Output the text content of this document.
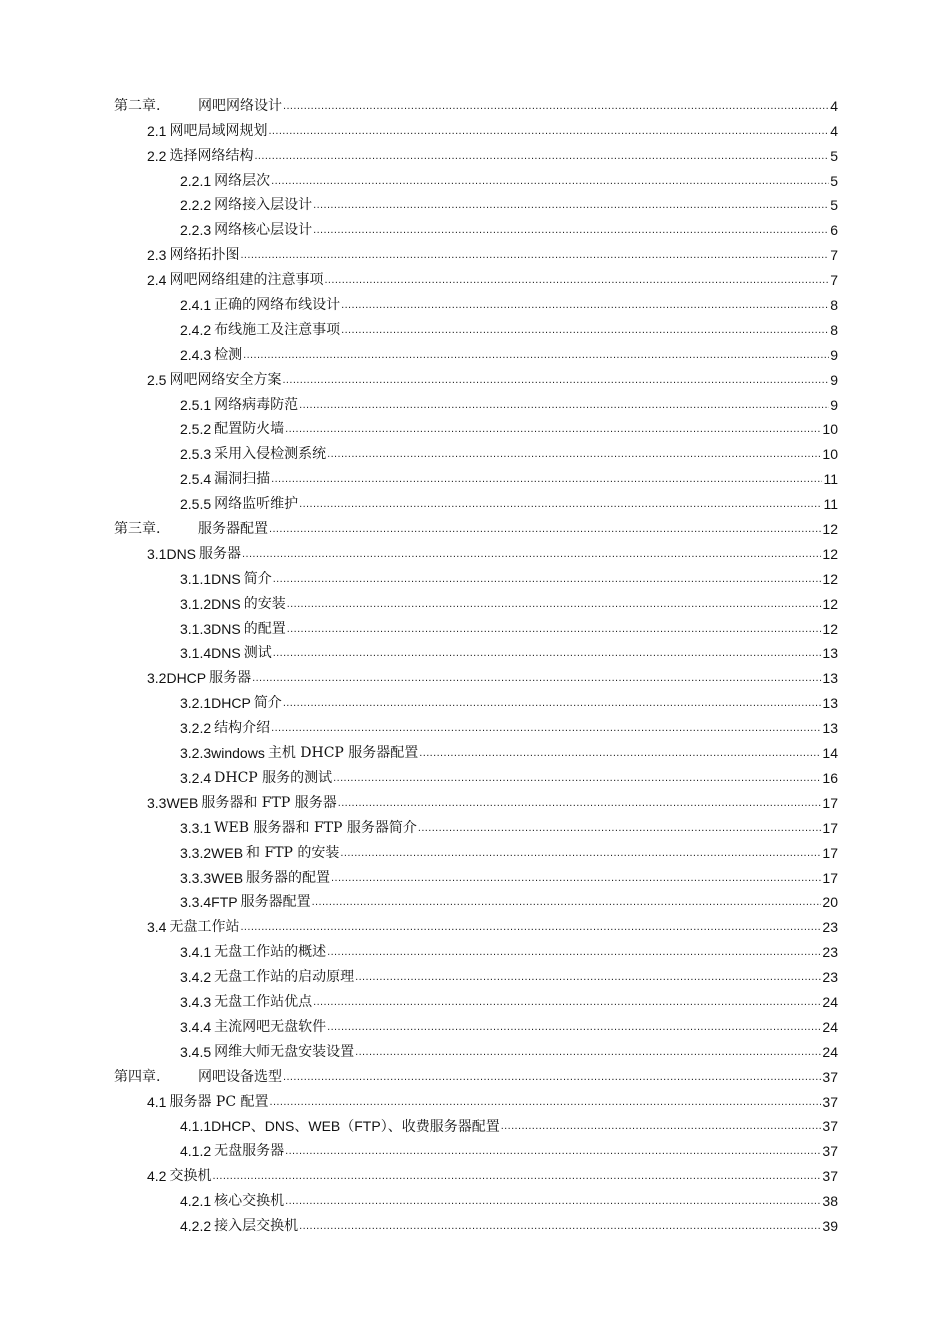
第二章.	网吧网络设计 .....	4
2.1 网吧局域网规划 .....	4
2.2 选择网络结构 .....	5
2.2.1 网络层次 .....	5
2.2.2 网络接入层设计 .....	5
2.2.3 网络核心层设计 .....	6
2.3 网络拓扑图 .....	7
2.4 网吧网络组建的注意事项 .....	7
2.4.1 正确的网络布线设计 .....	8
2.4.2 布线施工及注意事项 .....	8
2.4.3 检测 .....	9
2.5 网吧网络安全方案 .....	9
2.5.1 网络病毒防范 .....	9
2.5.2 配置防火墙 .....	10
2.5.3 采用入侵检测系统 .....	10
2.5.4 漏洞扫描 .....	11
2.5.5 网络监听维护 .....	11
第三章.	服务器配置 .....	12
3.1DNS 服务器 .....	12
3.1.1DNS 简介 .....	12
3.1.2DNS 的安装 .....	12
3.1.3DNS 的配置 .....	12
3.1.4DNS 测试 .....	13
3.2DHCP 服务器 .....	13
3.2.1DHCP 简介 .....	13
3.2.2 结构介绍 .....	13
3.2.3windows 主机 DHCP 服务器配置 .....	14
3.2.4 DHCP 服务的测试 .....	16
3.3WEB 服务器和 FTP 服务器 .....	17
3.3.1 WEB 服务器和 FTP 服务器简介 .....	17
3.3.2WEB 和 FTP 的安装 .....	17
3.3.3WEB 服务器的配置 .....	17
3.3.4FTP 服务器配置 .....	20
3.4 无盘工作站 .....	23
3.4.1 无盘工作站的概述 .....	23
3.4.2 无盘工作站的启动原理 .....	23
3.4.3 无盘工作站优点 .....	24
3.4.4 主流网吧无盘软件 .....	24
3.4.5 网维大师无盘安装设置 .....	24
第四章.	网吧设备选型 .....	37
4.1 服务器 PC 配置 .....	37
4.1.1DHCP、DNS、WEB（FTP）、收费服务器配置 .....	37
4.1.2 无盘服务器 .....	37
4.2 交换机 .....	37
4.2.1 核心交换机 .....	38
4.2.2 接入层交换机 .....	39
